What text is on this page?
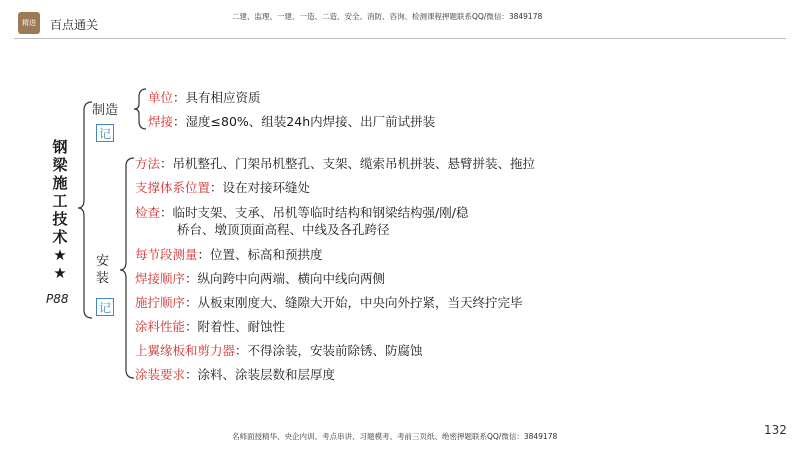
精进	百点通关
二建、监理、一建、一造、二造、安全、消防、咨询、检测课程押题联系QQ/微信：3849178
钢
梁
施
工
技
术
★
★
P88
制造
记
单位：具有相应资质
焊接：湿度≤80%、组装24h内焊接、出厂前试拼装
安
装
记
方法：吊机整孔、门架吊机整孔、支架、缆索吊机拼装、悬臂拼装、拖拉
支撑体系位置：设在对接环缝处
检查：临时支架、支承、吊机等临时结构和钢梁结构强/刚/稳
桥台、墩顶顶面高程、中线及各孔跨径
每节段测量：位置、标高和预拱度
焊接顺序：纵向跨中向两端、横向中线向两侧
施拧顺序：从板束刚度大、缝隙大开始，中央向外拧紧，当天终拧完毕
涂料性能：附着性、耐蚀性
上翼缘板和剪力器：不得涂装，安装前除锈、防腐蚀
涂装要求：涂料、涂装层数和层厚度
名师面授精华、央企内训、考点串讲、习题模考、考前三页纸、绝密押题联系QQ/微信：3849178	132
